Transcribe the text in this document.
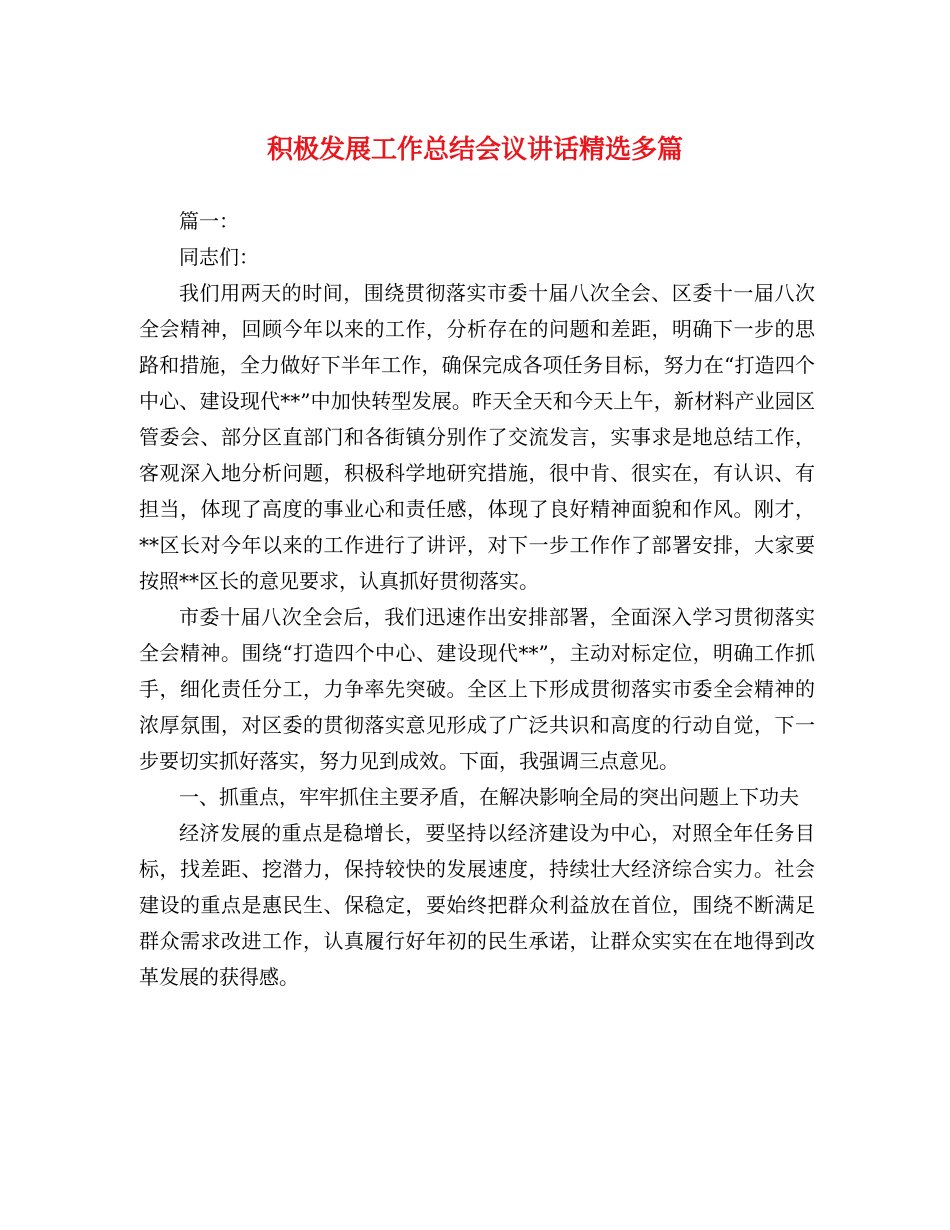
积极发展工作总结会议讲话精选多篇

篇一：

同志们：

我们用两天的时间，围绕贯彻落实市委十届八次全会、区委十一届八次全会精神，回顾今年以来的工作，分析存在的问题和差距，明确下一步的思路和措施，全力做好下半年工作，确保完成各项任务目标，努力在“打造四个中心、建设现代**”中加快转型发展。昨天全天和今天上午，新材料产业园区管委会、部分区直部门和各街镇分别作了交流发言，实事求是地总结工作，客观深入地分析问题，积极科学地研究措施，很中肯、很实在，有认识、有担当，体现了高度的事业心和责任感，体现了良好精神面貌和作风。刚才，**区长对今年以来的工作进行了讲评，对下一步工作作了部署安排，大家要按照**区长的意见要求，认真抓好贯彻落实。

市委十届八次全会后，我们迅速作出安排部署，全面深入学习贯彻落实全会精神。围绕“打造四个中心、建设现代**”，主动对标定位，明确工作抓手，细化责任分工，力争率先突破。全区上下形成贯彻落实市委全会精神的浓厚氛围，对区委的贯彻落实意见形成了广泛共识和高度的行动自觉，下一步要切实抓好落实，努力见到成效。下面，我强调三点意见。

一、抓重点，牢牢抓住主要矛盾，在解决影响全局的突出问题上下功夫

经济发展的重点是稳增长，要坚持以经济建设为中心，对照全年任务目标，找差距、挖潜力，保持较快的发展速度，持续壮大经济综合实力。社会建设的重点是惠民生、保稳定，要始终把群众利益放在首位，围绕不断满足群众需求改进工作，认真履行好年初的民生承诺，让群众实实在在地得到改革发展的获得感。
